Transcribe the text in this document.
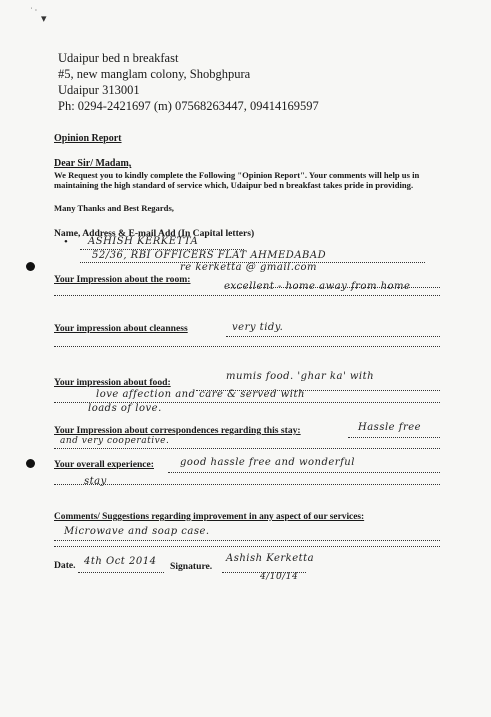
˙ ·
▾
Udaipur bed n breakfast
#5, new manglam colony, Shobghpura
Udaipur 313001
Ph: 0294-2421697 (m) 07568263447, 09414169597
Opinion Report
Dear Sir/ Madam,
We Request you to kindly complete the Following "Opinion Report". Your comments will help us in maintaining the high standard of service which, Udaipur bed n breakfast takes pride in providing.
Many Thanks and Best Regards,
Name, Address & E-mail Add (In Capital letters)
• ASHISH KERKETTA
52/36, RBI OFFICERS FLAT AHMEDABAD
re kerketta @ gmail.com
Your Impression about the room:
excellent - home away from home
Your impression about cleanness	very tidy.
Your impression about food:
mumis food. 'ghar ka' with
love affection and care & served with
loads of love.
Your Impression about correspondences regarding this stay:	Hassle free
and very cooperative.
Your overall experience:	good hassle free and wonderful
stay
Comments/ Suggestions regarding improvement in any aspect of our services:
Microwave and soap case.
Date. 4th Oct 2014 Signature.
Ashish Kerketta
4/10/14
